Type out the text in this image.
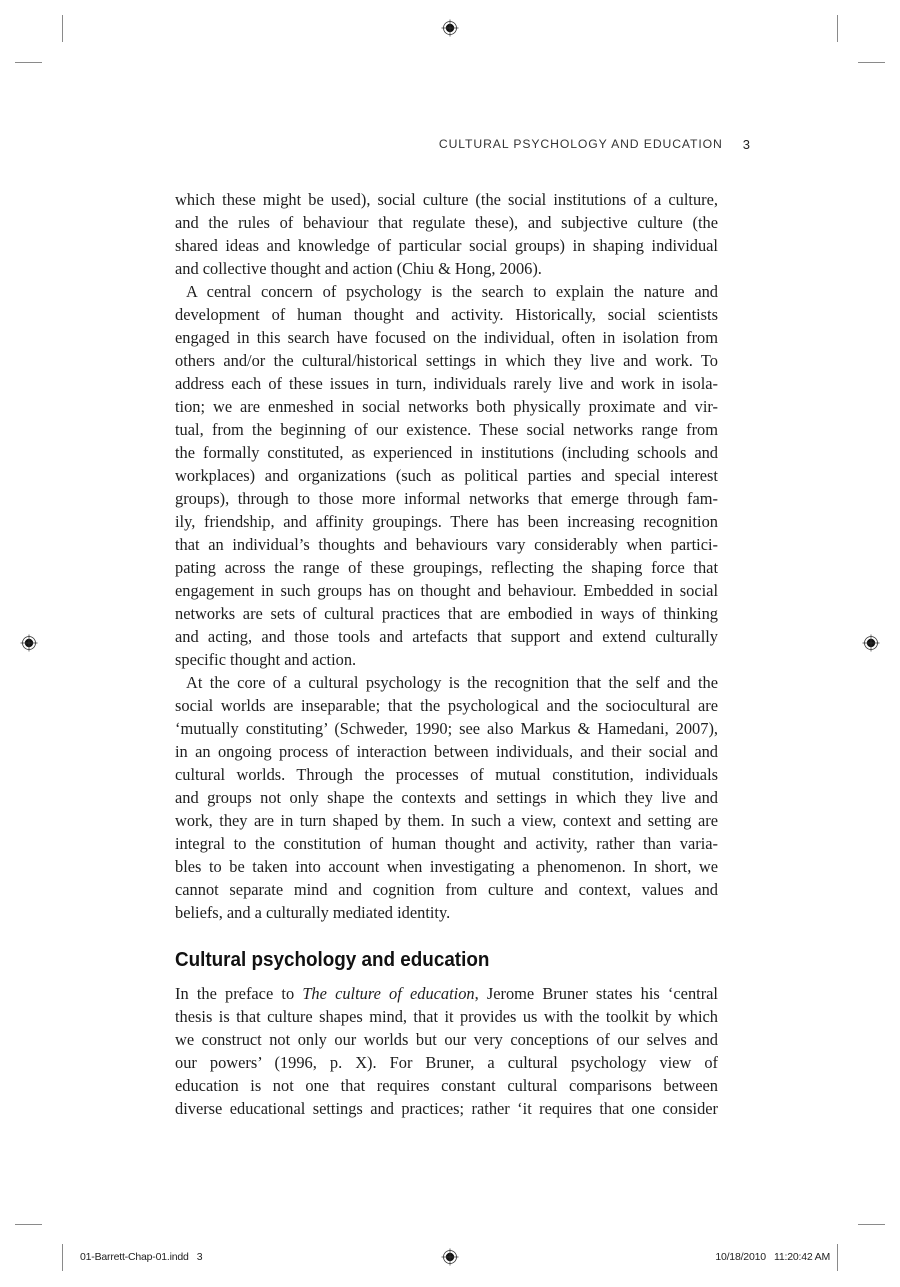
CULTURAL PSYCHOLOGY AND EDUCATION 3

which these might be used), social culture (the social institutions of a culture,
and the rules of behaviour that regulate these), and subjective culture (the
shared ideas and knowledge of particular social groups) in shaping individual
and collective thought and action (Chiu & Hong, 2006).

A central concern of psychology is the search to explain the nature and
development of human thought and activity. Historically, social scientists
engaged in this search have focused on the individual, often in isolation from
others and/or the cultural/historical settings in which they live and work. To
address each of these issues in turn, individuals rarely live and work in isola-
tion; we are enmeshed in social networks both physically proximate and vir-
tual, from the beginning of our existence. These social networks range from
the formally constituted, as experienced in institutions (including schools and
workplaces) and organizations (such as political parties and special interest
groups), through to those more informal networks that emerge through fam-
ily, friendship, and affinity groupings. There has been increasing recognition
that an individual’s thoughts and behaviours vary considerably when partici-
pating across the range of these groupings, reflecting the shaping force that
engagement in such groups has on thought and behaviour. Embedded in social
networks are sets of cultural practices that are embodied in ways of thinking
and acting, and those tools and artefacts that support and extend culturally
specific thought and action.

At the core of a cultural psychology is the recognition that the self and the
social worlds are inseparable; that the psychological and the sociocultural are
‘mutually constituting’ (Schweder, 1990; see also Markus & Hamedani, 2007),
in an ongoing process of interaction between individuals, and their social and
cultural worlds. Through the processes of mutual constitution, individuals
and groups not only shape the contexts and settings in which they live and
work, they are in turn shaped by them. In such a view, context and setting are
integral to the constitution of human thought and activity, rather than varia-
bles to be taken into account when investigating a phenomenon. In short, we
cannot separate mind and cognition from culture and context, values and
beliefs, and a culturally mediated identity.

Cultural psychology and education

In the preface to The culture of education, Jerome Bruner states his ‘central
thesis is that culture shapes mind, that it provides us with the toolkit by which
we construct not only our worlds but our very conceptions of our selves and
our powers’ (1996, p. X). For Bruner, a cultural psychology view of
education is not one that requires constant cultural comparisons between
diverse educational settings and practices; rather ‘it requires that one consider

01-Barrett-Chap-01.indd   3	10/18/2010   11:20:42 AM
